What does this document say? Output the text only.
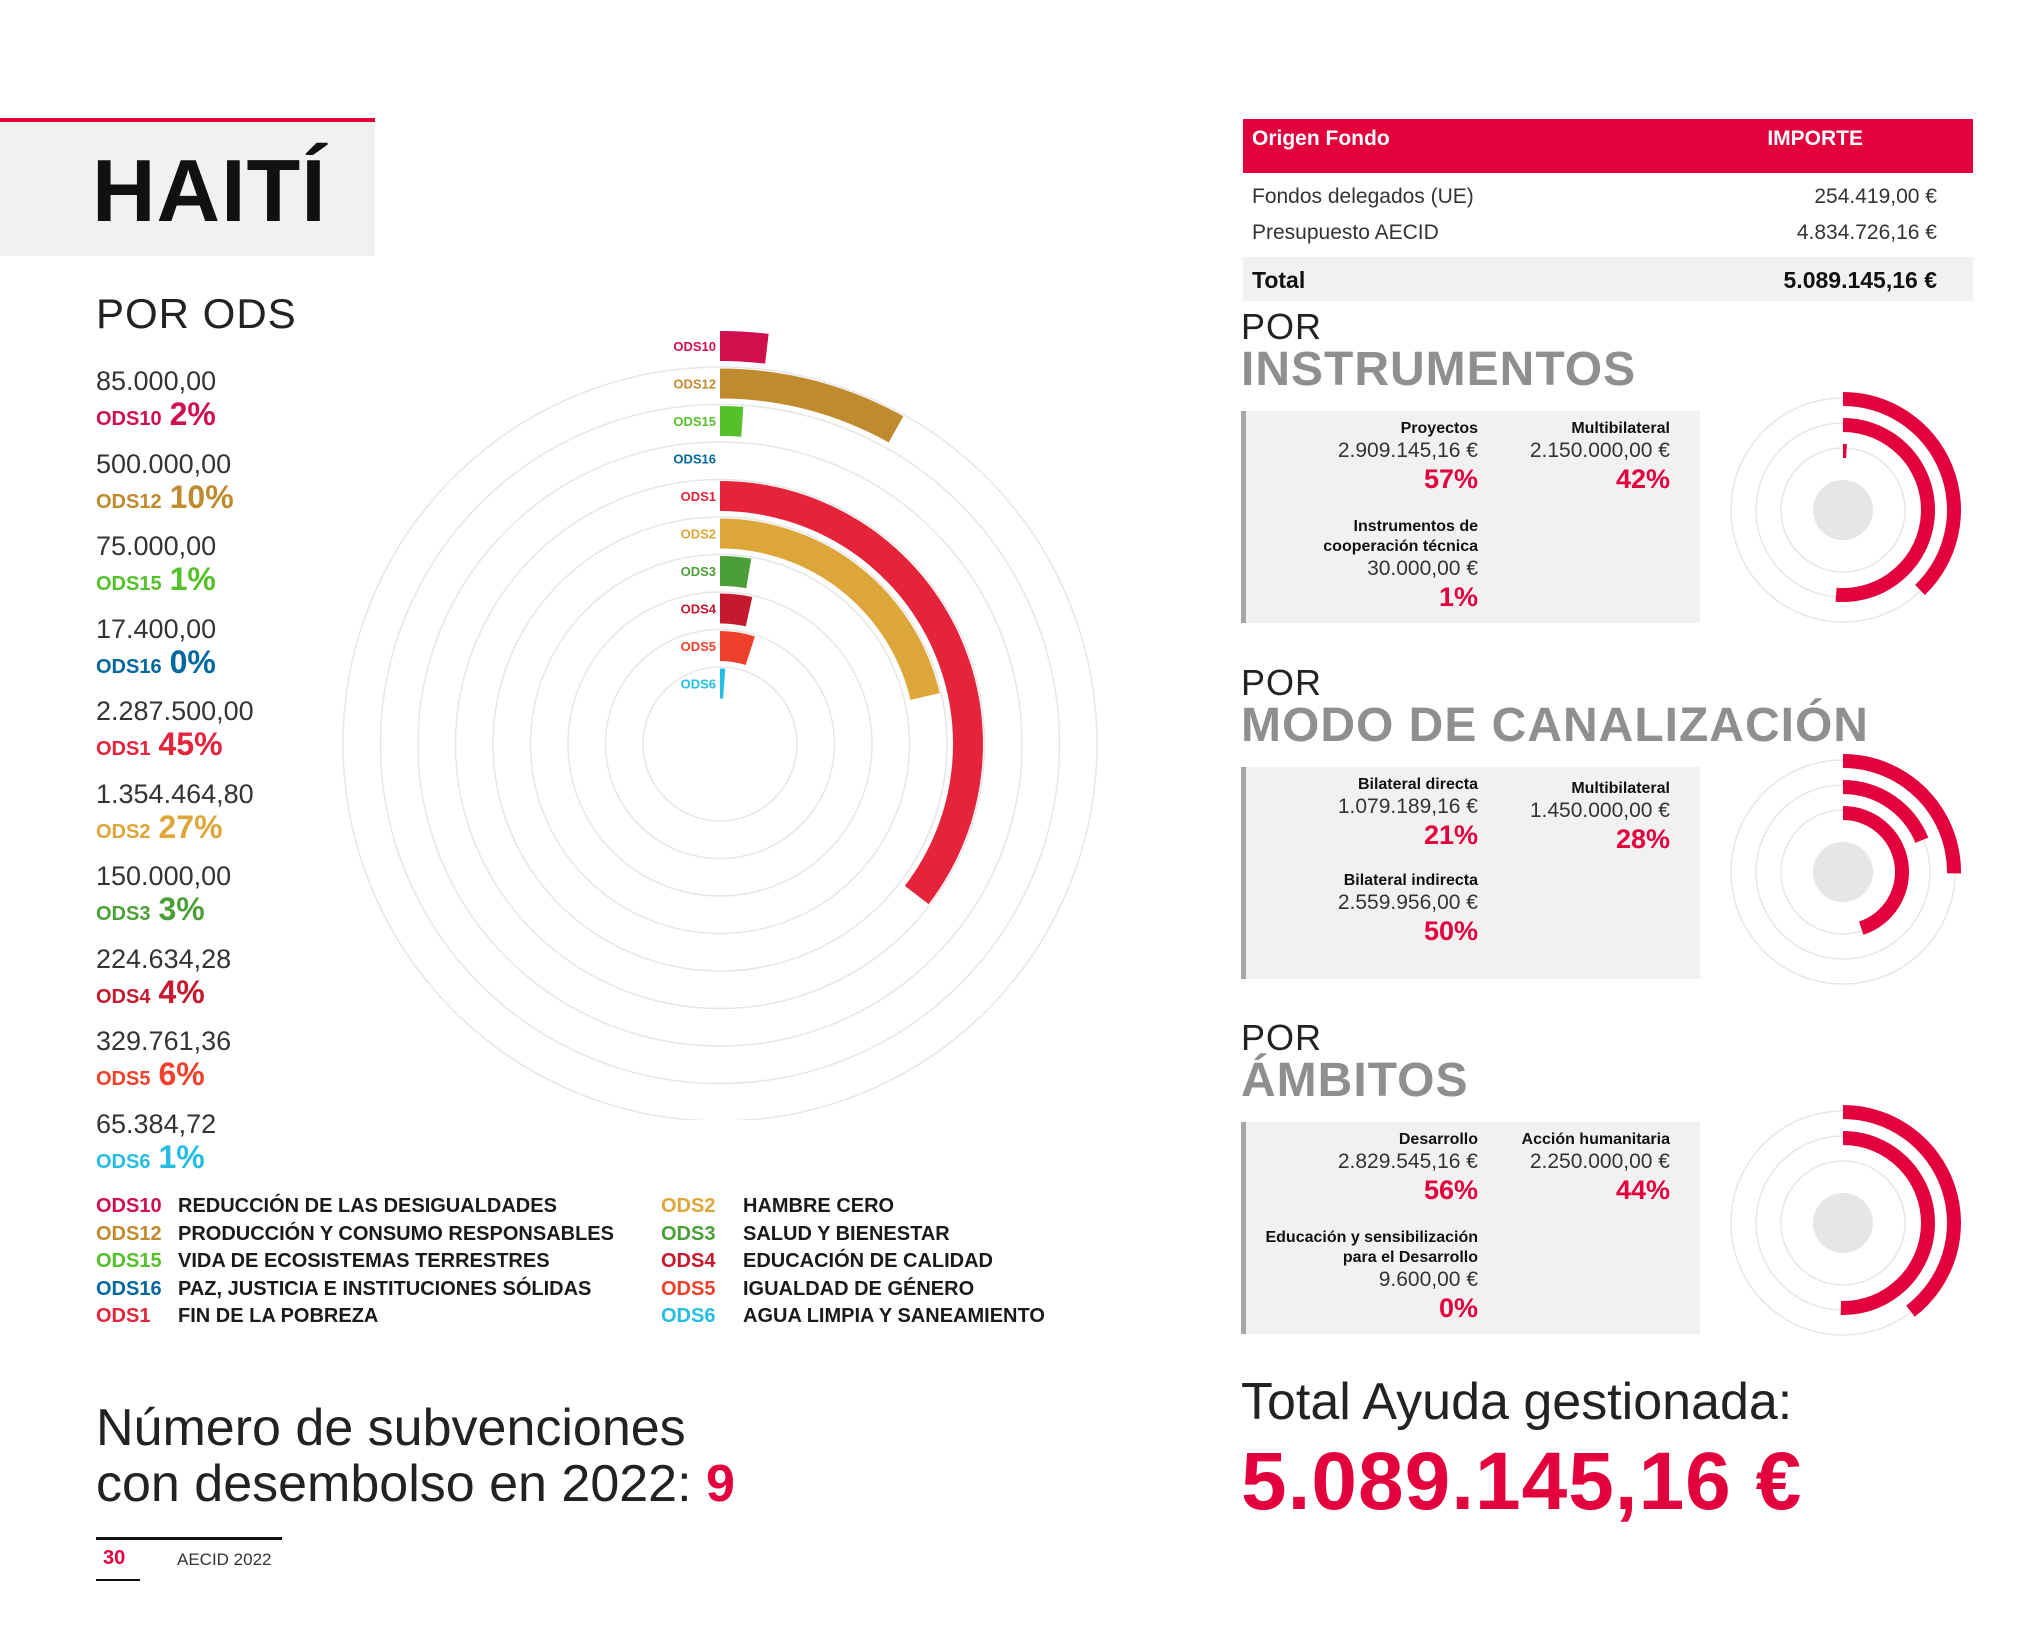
HAITÍ
POR ODS
85.000,00
ODS10 2%
500.000,00
ODS12 10%
75.000,00
ODS15 1%
17.400,00
ODS16 0%
2.287.500,00
ODS1 45%
1.354.464,80
ODS2 27%
150.000,00
ODS3 3%
224.634,28
ODS4 4%
329.761,36
ODS5 6%
65.384,72
ODS6 1%
ODS10
ODS12
ODS15
ODS16
ODS1
ODS2
ODS3
ODS4
ODS5
ODS6
ODS10 REDUCCIÓN DE LAS DESIGUALDADES
ODS12 PRODUCCIÓN Y CONSUMO RESPONSABLES
ODS15 VIDA DE ECOSISTEMAS TERRESTRES
ODS16 PAZ, JUSTICIA E INSTITUCIONES SÓLIDAS
ODS1 FIN DE LA POBREZA
ODS2 HAMBRE CERO
ODS3 SALUD Y BIENESTAR
ODS4 EDUCACIÓN DE CALIDAD
ODS5 IGUALDAD DE GÉNERO
ODS6 AGUA LIMPIA Y SANEAMIENTO
Número de subvenciones
con desembolso en 2022: 9
30	AECID 2022
Origen Fondo	IMPORTE
Fondos delegados (UE)	254.419,00 €
Presupuesto AECID	4.834.726,16 €
Total	5.089.145,16 €
POR
INSTRUMENTOS
Proyectos
2.909.145,16 €
57%
Multibilateral
2.150.000,00 €
42%
Instrumentos de
cooperación técnica
30.000,00 €
1%
POR
MODO DE CANALIZACIÓN
Bilateral directa
1.079.189,16 €
21%
Multibilateral
1.450.000,00 €
28%
Bilateral indirecta
2.559.956,00 €
50%
POR
ÁMBITOS
Desarrollo
2.829.545,16 €
56%
Acción humanitaria
2.250.000,00 €
44%
Educación y sensibilización
para el Desarrollo
9.600,00 €
0%
Total Ayuda gestionada:
5.089.145,16 €
